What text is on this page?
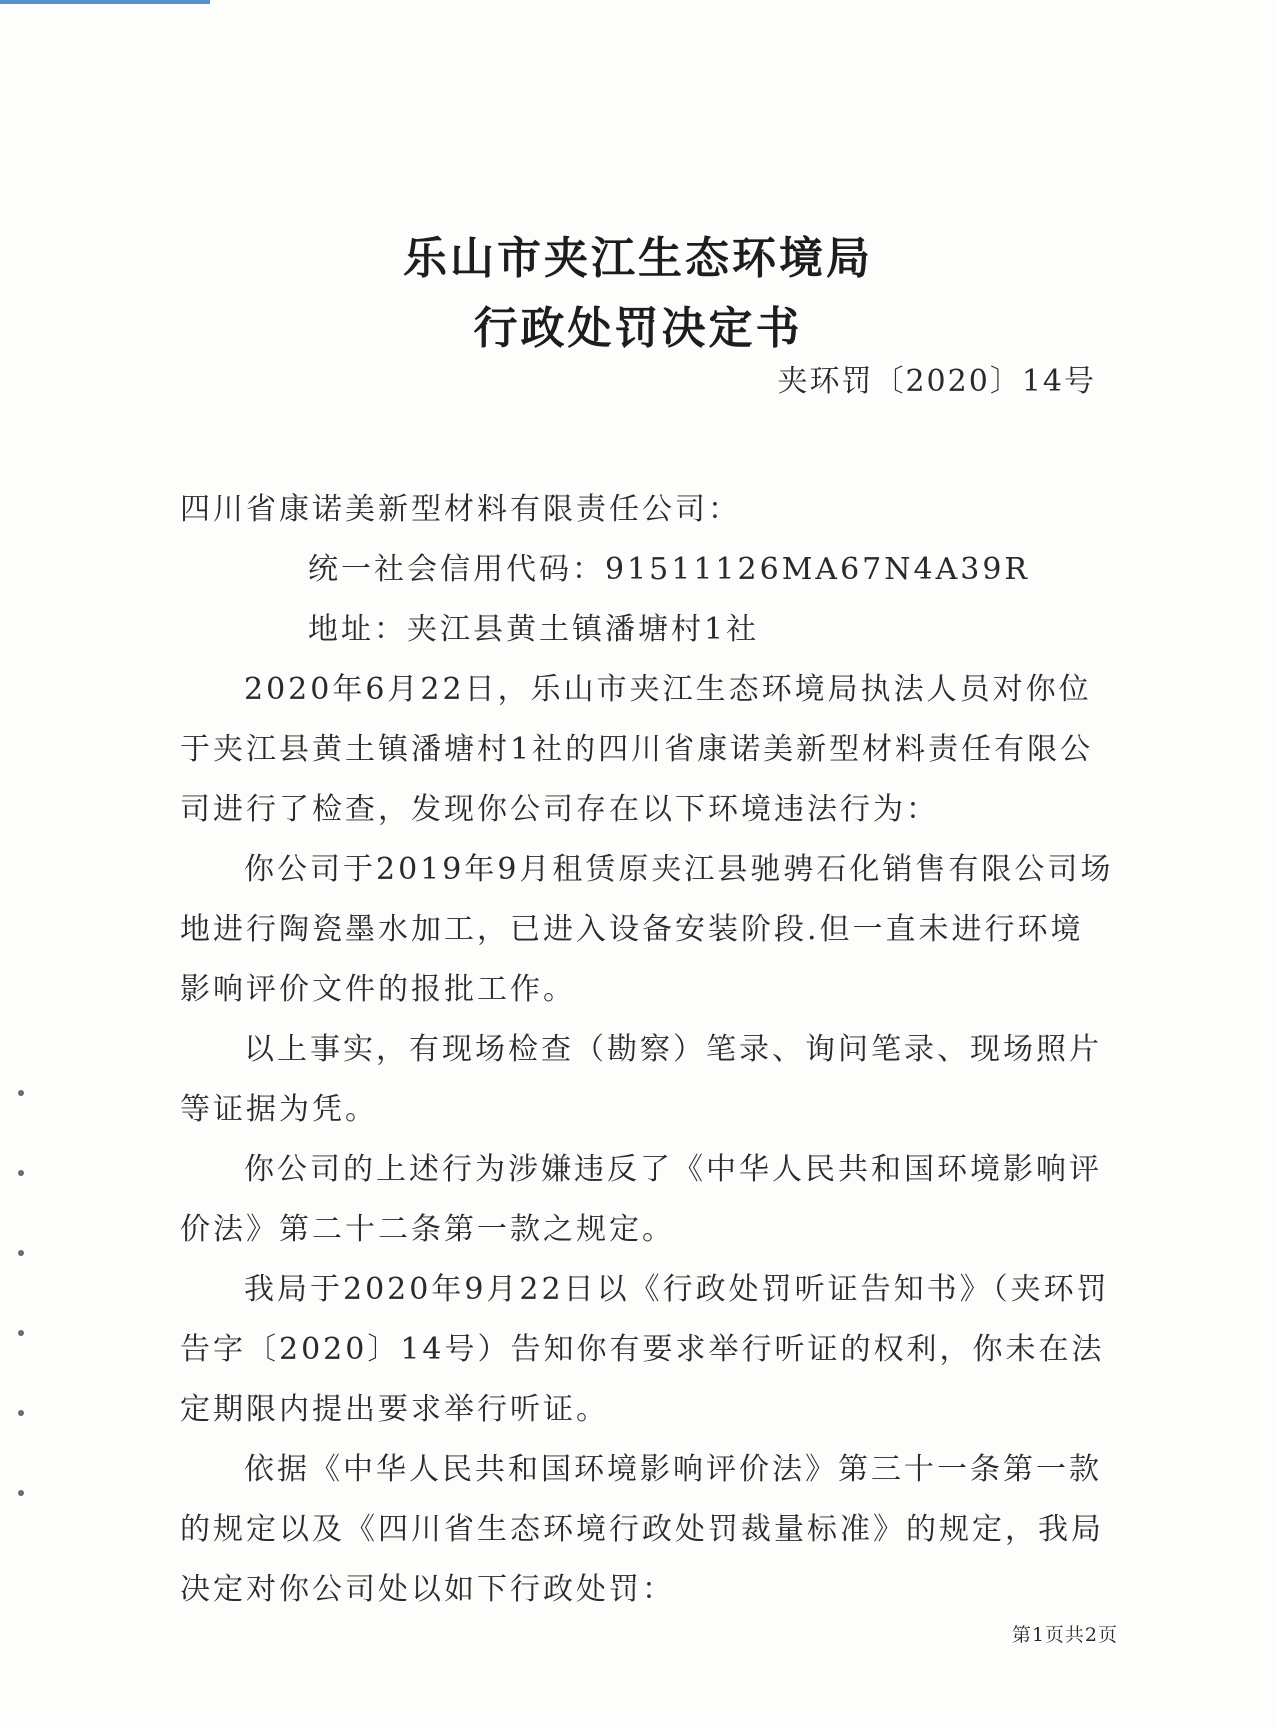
乐山市夹江生态环境局
行政处罚决定书
夹环罚〔2020〕14号

四川省康诺美新型材料有限责任公司：

统一社会信用代码：91511126MA67N4A39R

地址：夹江县黄土镇潘塘村1社

2020年6月22日，乐山市夹江生态环境局执法人员对你位于夹江县黄土镇潘塘村1社的四川省康诺美新型材料责任有限公司进行了检查，发现你公司存在以下环境违法行为：

你公司于2019年9月租赁原夹江县驰骋石化销售有限公司场地进行陶瓷墨水加工，已进入设备安装阶段.但一直未进行环境影响评价文件的报批工作。

以上事实，有现场检查（勘察）笔录、询问笔录、现场照片等证据为凭。

你公司的上述行为涉嫌违反了《中华人民共和国环境影响评价法》第二十二条第一款之规定。

我局于2020年9月22日以《行政处罚听证告知书》（夹环罚告字〔2020〕14号）告知你有要求举行听证的权利，你未在法定期限内提出要求举行听证。

依据《中华人民共和国环境影响评价法》第三十一条第一款的规定以及《四川省生态环境行政处罚裁量标准》的规定，我局决定对你公司处以如下行政处罚：

第1页共2页
